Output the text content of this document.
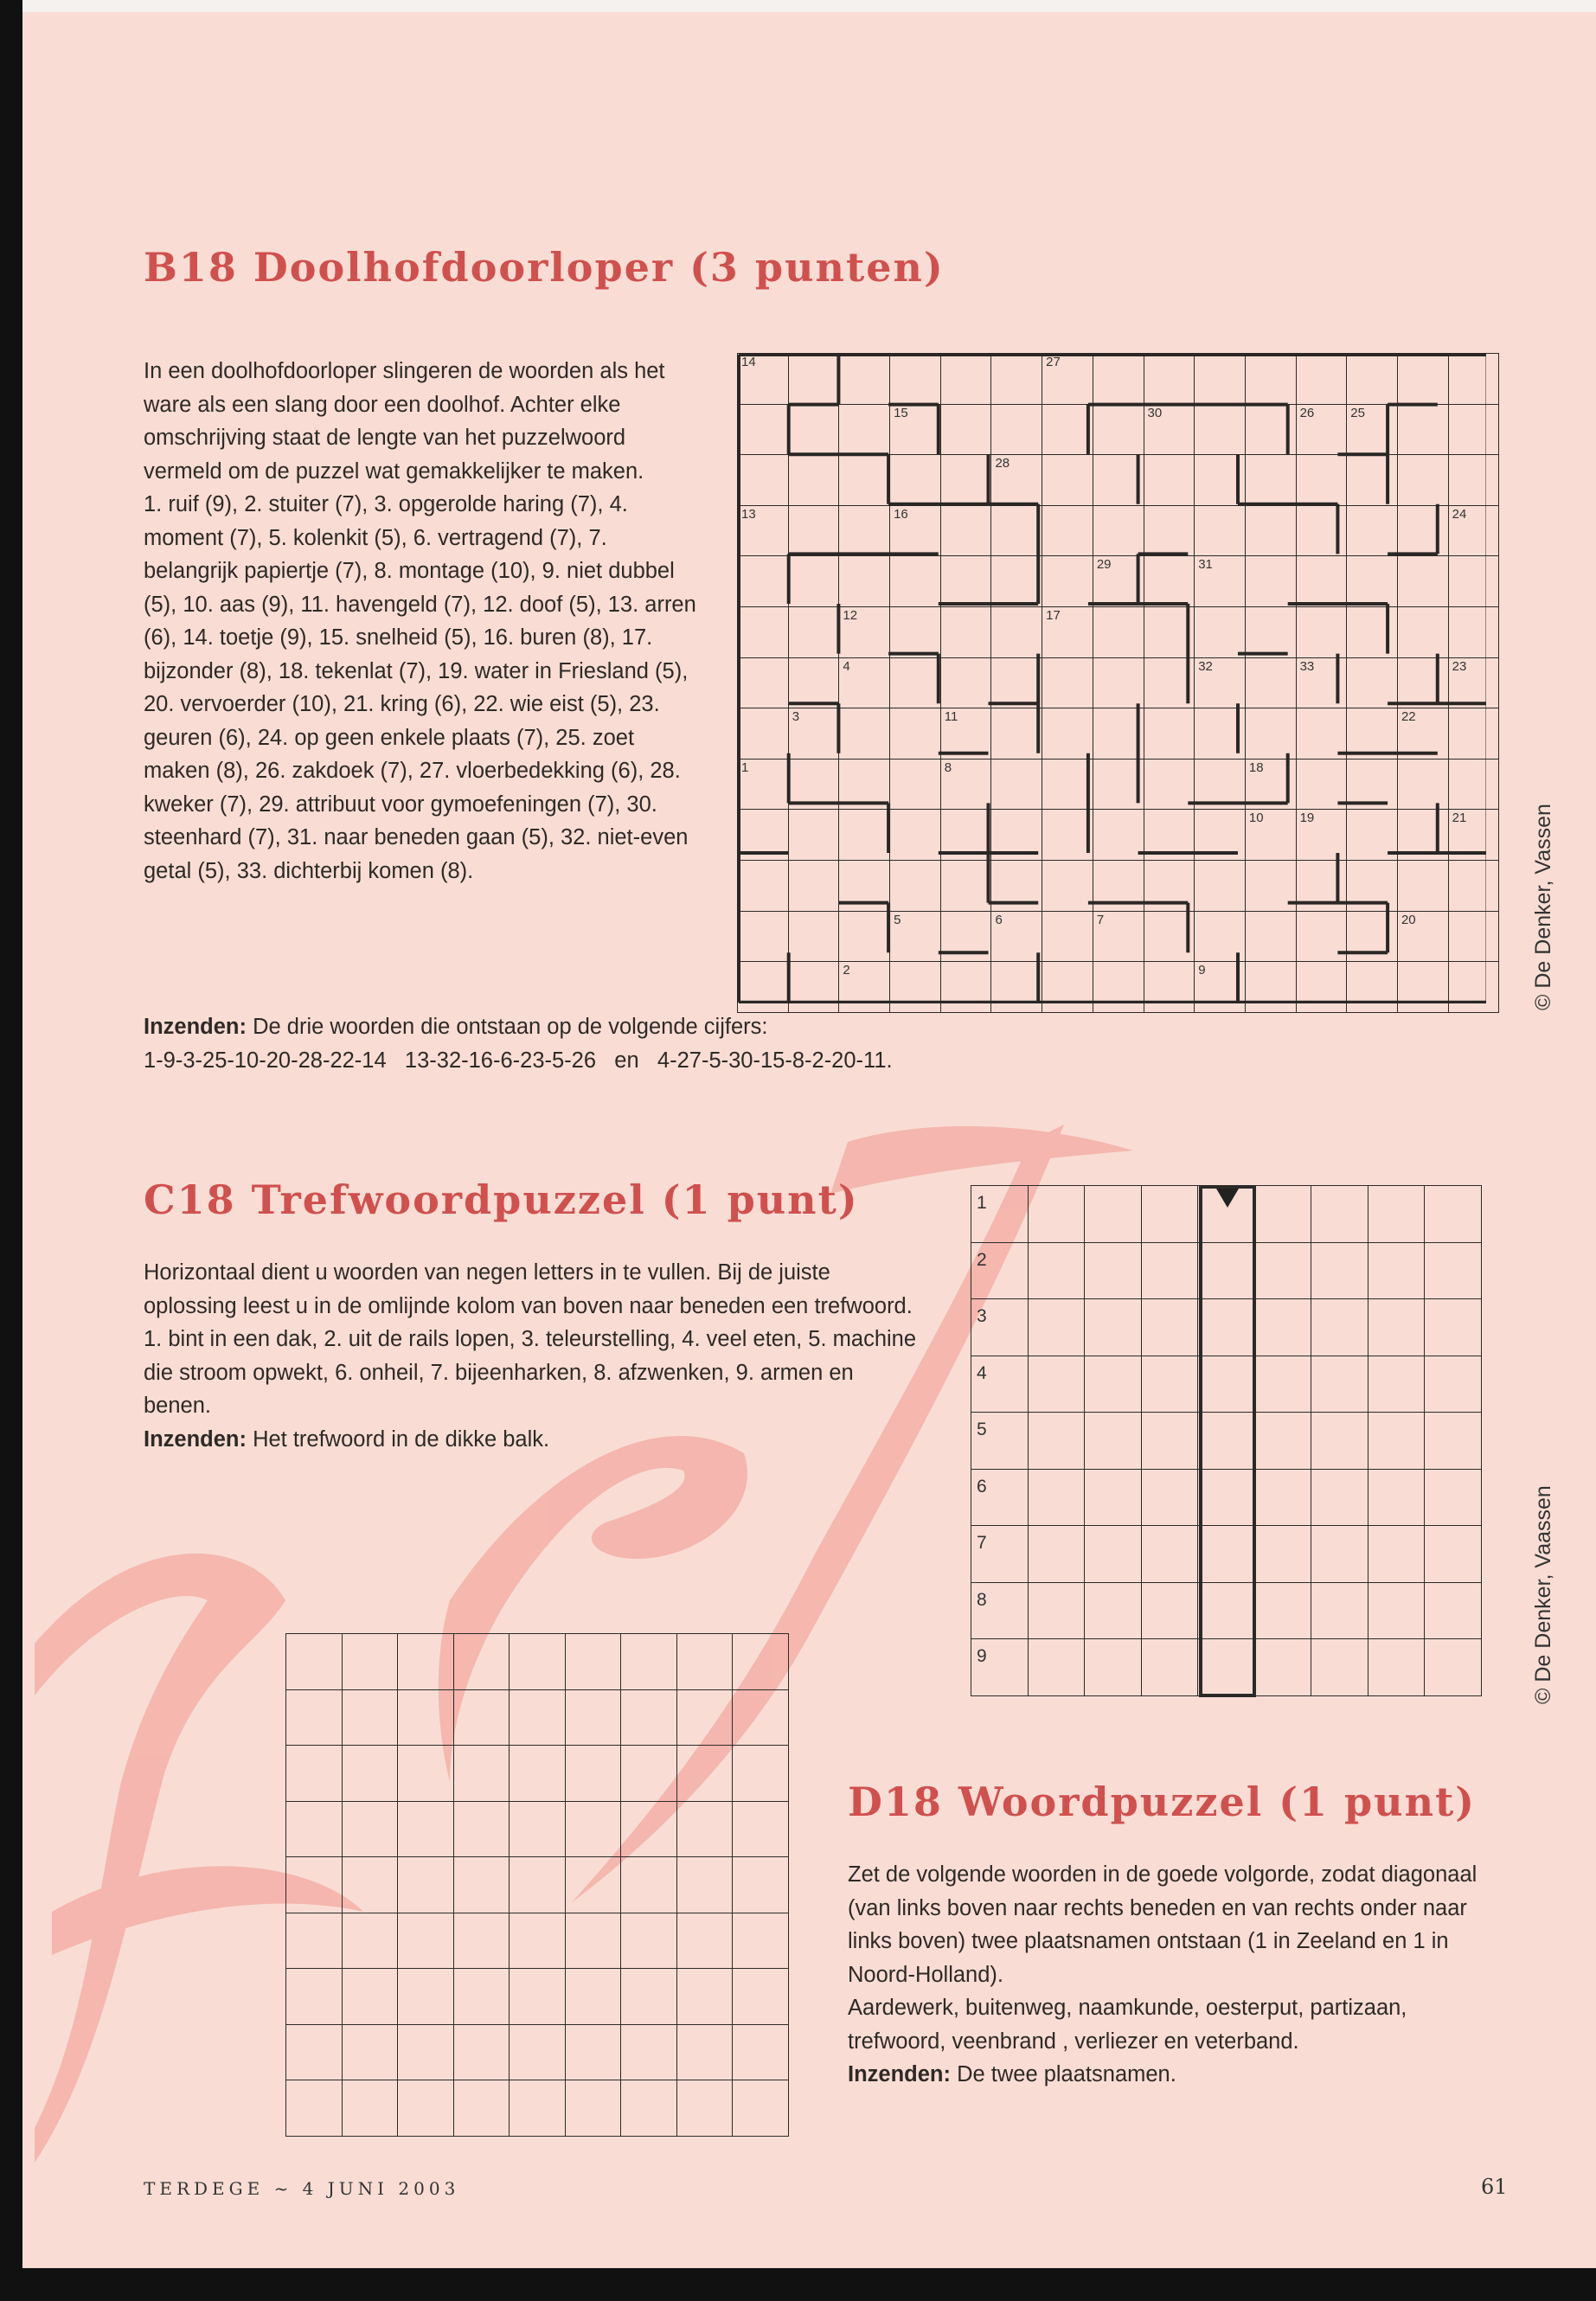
B18 Doolhofdoorloper (3 punten)

In een doolhofdoorloper slingeren de woorden als het ware als een slang door een doolhof. Achter elke omschrijving staat de lengte van het puzzelwoord vermeld om de puzzel wat gemakkelijker te maken.

1. ruif (9), 2. stuiter (7), 3. opgerolde haring (7), 4. moment (7), 5. kolenkit (5), 6. vertragend (7), 7. belangrijk papiertje (7), 8. montage (10), 9. niet dubbel (5), 10. aas (9), 11. havengeld (7), 12. doof (5), 13. arren (6), 14. toetje (9), 15. snelheid (5), 16. buren (8), 17. bijzonder (8), 18. tekenlat (7), 19. water in Friesland (5), 20. vervoerder (10), 21. kring (6), 22. wie eist (5), 23. geuren (6), 24. op geen enkele plaats (7), 25. zoet maken (8), 26. zakdoek (7), 27. vloerbedekking (6), 28. kweker (7), 29. attribuut voor gymoefeningen (7), 30. steenhard (7), 31. naar beneden gaan (5), 32. niet-even getal (5), 33. dichterbij komen (8).

14						27								

			15					30			26	25		

					28									

13			16											24

							29		31					

		12				17								

		4							32		33			23

	3			11									22	

1				8						18				

										10	19			21

			5		6		7						20	

		2							9					
						© De Denker, Vassen

Inzenden: De drie woorden die ontstaan op de volgende cijfers:

1-9-3-25-10-20-28-22-14   13-32-16-6-23-5-26   en   4-27-5-30-15-8-2-20-11.

C18 Trefwoordpuzzel (1 punt)

Horizontaal dient u woorden van negen letters in te vullen. Bij de juiste oplossing leest u in de omlijnde kolom van boven naar beneden een trefwoord.

1. bint in een dak, 2. uit de rails lopen, 3. teleurstelling, 4. veel eten, 5. machine die stroom opwekt, 6. onheil, 7. bijeenharken, 8. afzwenken, 9. armen en benen.

Inzenden: Het trefwoord in de dikke balk.

1								

2								

3								

4								

5								

6								

7								

8								

9								
									© De Denker, Vaassen

D18 Woordpuzzel (1 punt)

Zet de volgende woorden in de goede volgorde, zodat diagonaal (van links boven naar rechts beneden en van rechts onder naar links boven) twee plaatsnamen ontstaan (1 in Zeeland en 1 in Noord-Holland).

Aardewerk, buitenweg, naamkunde, oesterput, partizaan, trefwoord, veenbrand , verliezer en veterband.

Inzenden: De twee plaatsnamen.

TERDEGE ~ 4 JUNI 2003	61
